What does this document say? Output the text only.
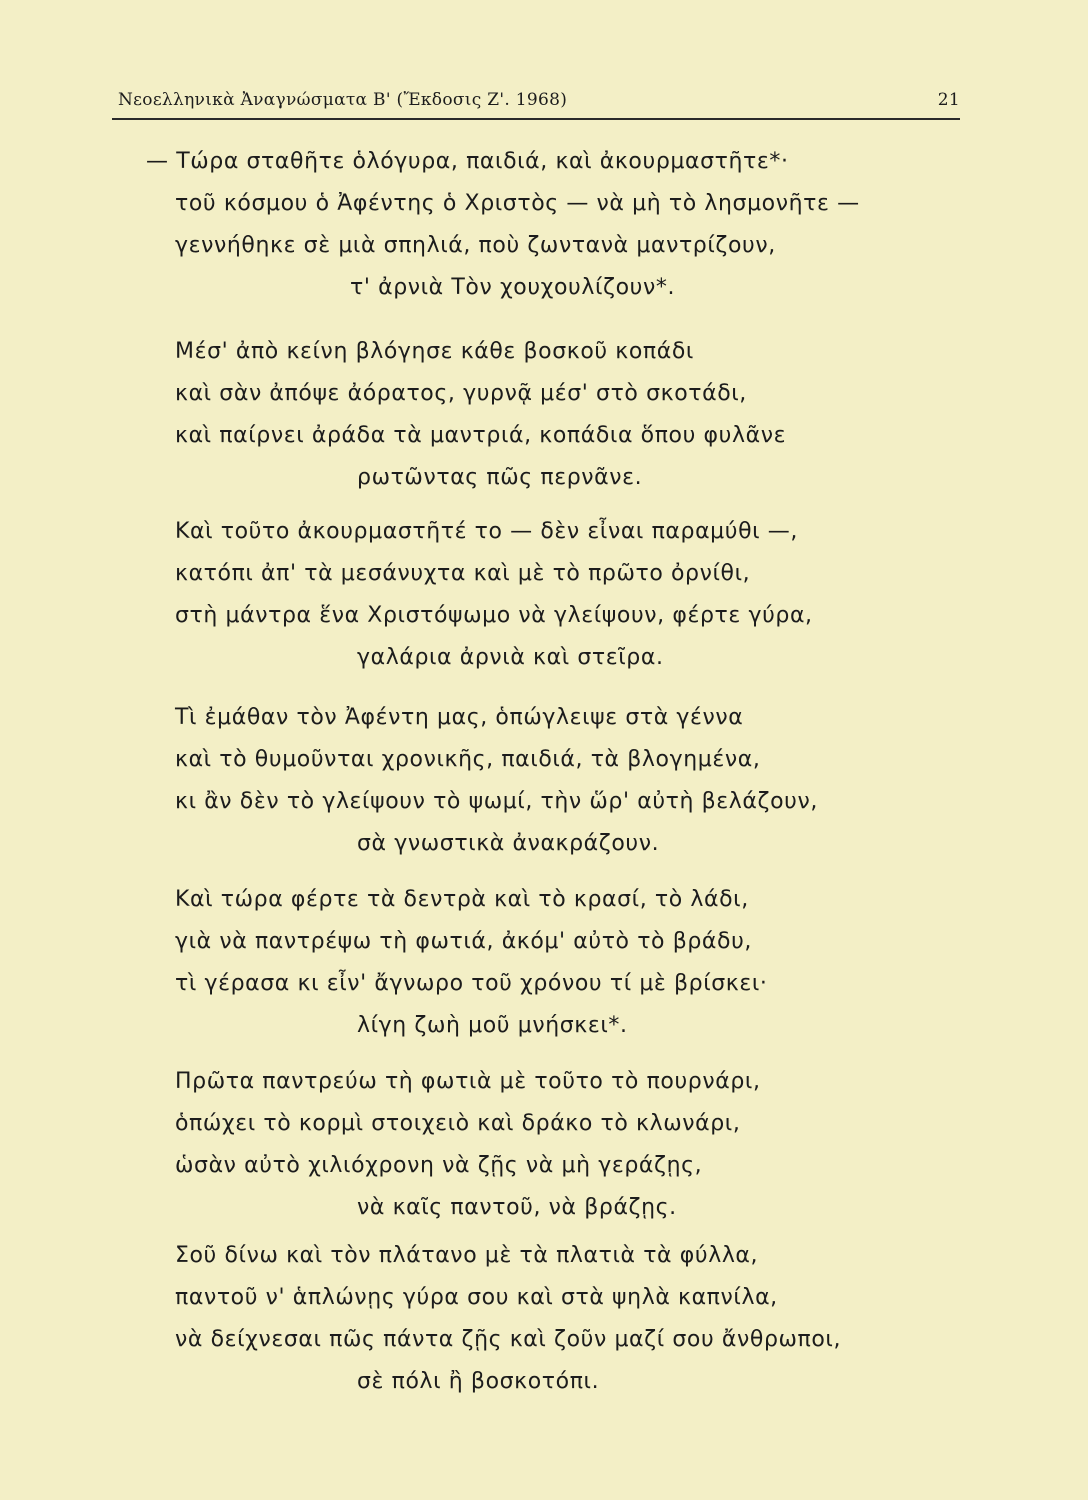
Νεοελληνικὰ Ἀναγνώσματα Β' (Ἔκδοσις Ζ'. 1968)	21
— Τώρα σταθῆτε ὁλόγυρα, παιδιά, καὶ ἀκουρμαστῆτε*·
τοῦ κόσμου ὁ Ἀφέντης ὁ Χριστὸς — νὰ μὴ τὸ λησμονῆτε —
γεννήθηκε σὲ μιὰ σπηλιά, ποὺ ζωντανὰ μαντρίζουν,
τ' ἀρνιὰ Τὸν χουχουλίζουν*.
Μέσ' ἀπὸ κείνη βλόγησε κάθε βοσκοῦ κοπάδι
καὶ σὰν ἀπόψε ἀόρατος, γυρνᾷ μέσ' στὸ σκοτάδι,
καὶ παίρνει ἀράδα τὰ μαντριά, κοπάδια ὅπου φυλᾶνε
ρωτῶντας πῶς περνᾶνε.
Καὶ τοῦτο ἀκουρμαστῆτέ το — δὲν εἶναι παραμύθι —,
κατόπι ἀπ' τὰ μεσάνυχτα καὶ μὲ τὸ πρῶτο ὀρνίθι,
στὴ μάντρα ἕνα Χριστόψωμο νὰ γλείψουν, φέρτε γύρα,
γαλάρια ἀρνιὰ καὶ στεῖρα.
Τὶ ἐμάθαν τὸν Ἀφέντη μας, ὁπώγλειψε στὰ γέννα
καὶ τὸ θυμοῦνται χρονικῆς, παιδιά, τὰ βλογημένα,
κι ἂν δὲν τὸ γλείψουν τὸ ψωμί, τὴν ὥρ' αὐτὴ βελάζουν,
σὰ γνωστικὰ ἀνακράζουν.
Καὶ τώρα φέρτε τὰ δεντρὰ καὶ τὸ κρασί, τὸ λάδι,
γιὰ νὰ παντρέψω τὴ φωτιά, ἀκόμ' αὐτὸ τὸ βράδυ,
τὶ γέρασα κι εἶν' ἄγνωρο τοῦ χρόνου τί μὲ βρίσκει·
λίγη ζωὴ μοῦ μνήσκει*.
Πρῶτα παντρεύω τὴ φωτιὰ μὲ τοῦτο τὸ πουρνάρι,
ὁπώχει τὸ κορμὶ στοιχειὸ καὶ δράκο τὸ κλωνάρι,
ὡσὰν αὐτὸ χιλιόχρονη νὰ ζῇς νὰ μὴ γεράζῃς,
νὰ καῖς παντοῦ, νὰ βράζῃς.
Σοῦ δίνω καὶ τὸν πλάτανο μὲ τὰ πλατιὰ τὰ φύλλα,
παντοῦ ν' ἁπλώνῃς γύρα σου καὶ στὰ ψηλὰ καπνίλα,
νὰ δείχνεσαι πῶς πάντα ζῇς καὶ ζοῦν μαζί σου ἄνθρωποι,
σὲ πόλι ἢ βοσκοτόπι.
